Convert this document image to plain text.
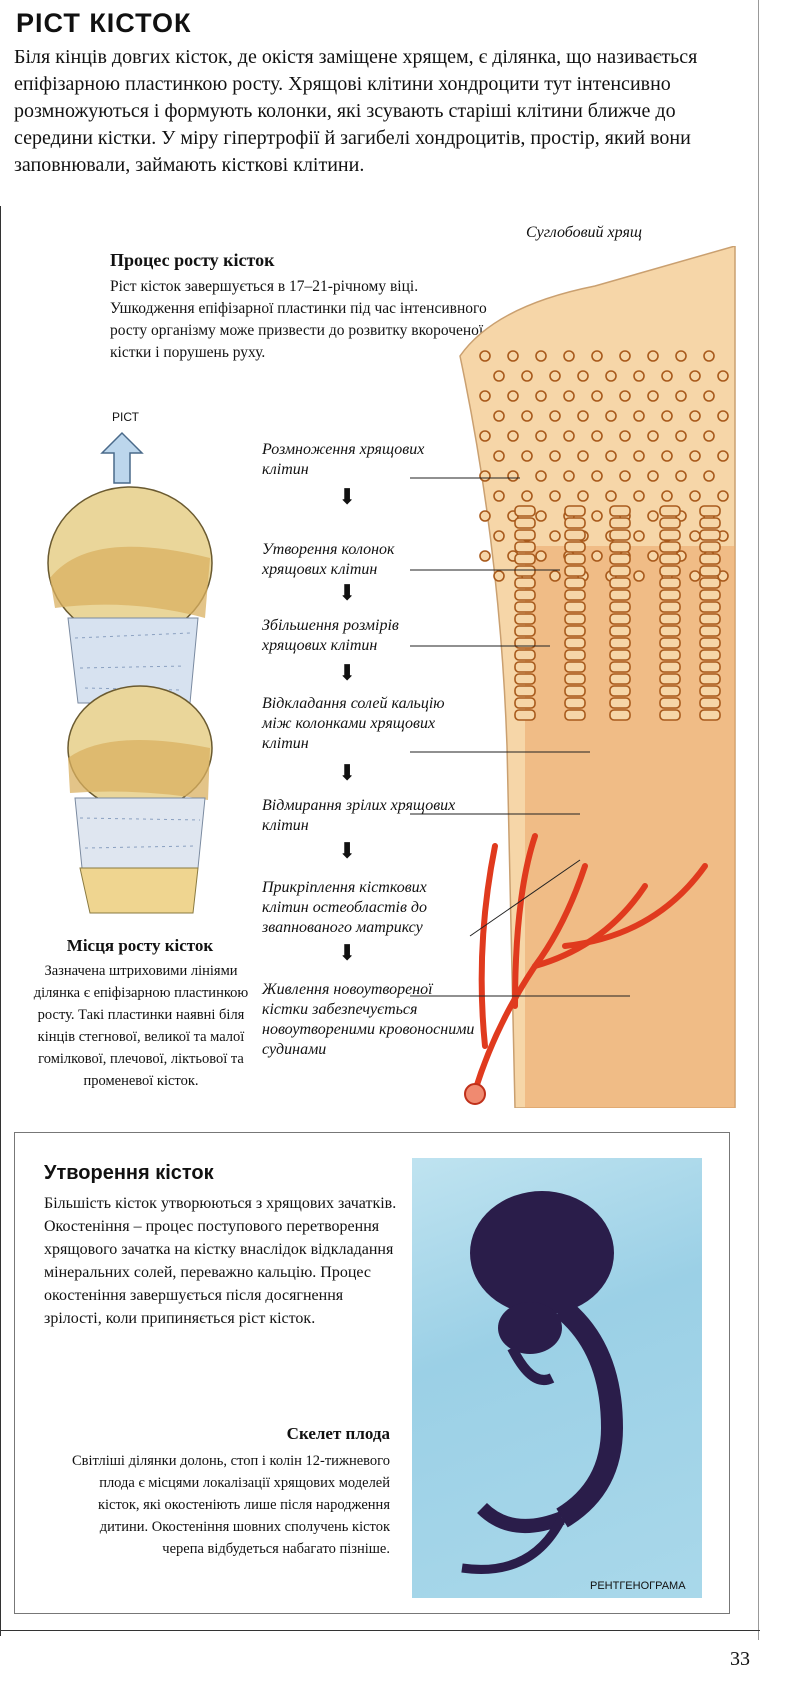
РІСТ КІСТОК
Біля кінців довгих кісток, де окістя заміщене хрящем, є ділянка, що називається епіфізарною пластинкою росту. Хрящові клітини хондроцити тут інтенсивно розмножуються і формують колонки, які зсувають старіші клітини ближче до середини кістки. У міру гіпертрофії й загибелі хондроцитів, простір, який вони заповнювали, займають кісткові клітини.
Процес росту кісток
Ріст кісток завершується в 17–21-річному віці. Ушкодження епіфізарної пластинки під час інтенсивного росту організму може призвести до розвитку вкороченої кістки і порушень руху.
РІСТ
Місця росту кісток
Зазначена штриховими лініями ділянка є епіфізарною пластинкою росту. Такі пластинки наявні біля кінців стегнової, великої та малої гомілкової, плечової, ліктьової та променевої кісток.
Суглобовий хрящ
Розмноження хрящових клітин
⬇
Утворення колонок хрящових клітин
⬇
Збільшення розмірів хрящових клітин
⬇
Відкладання солей кальцію між колонками хрящових клітин
⬇
Відмирання зрілих хрящових клітин
⬇
Прикріплення кісткових клітин остеобластів до звапнованого матриксу
⬇
Живлення новоутвореної кістки забезпечується новоутвореними кровоносними судинами
Утворення кісток
Більшість кісток утворюються з хрящових зачатків. Окостеніння – процес поступового перетворення хрящового зачатка на кістку внаслідок відкладання мінеральних солей, переважно кальцію. Процес окостеніння завершується після досягнення зрілості, коли припиняється ріст кісток.
Скелет плода
Світліші ділянки долонь, стоп і колін 12-тижневого плода є місцями локалізації хрящових моделей кісток, які окостеніють лише після народження дитини. Окостеніння шовних сполучень кісток черепа відбудеться набагато пізніше.
РЕНТГЕНОГРАМА
33
